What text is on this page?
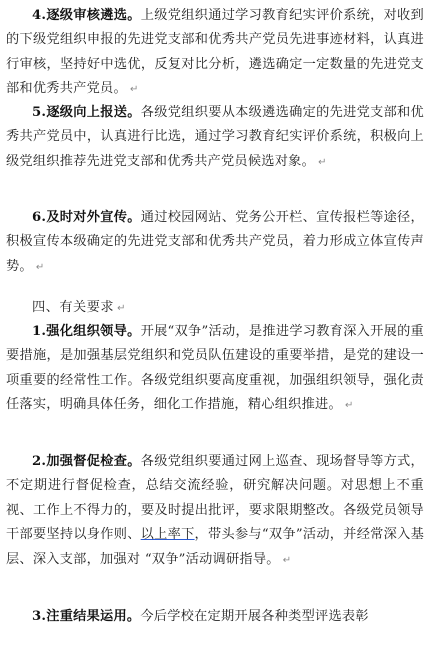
4.逐级审核遴选。上级党组织通过学习教育纪实评价系统，对收到的下级党组织申报的先进党支部和优秀共产党员先进事迹材料，认真进行审核，坚持好中选优，反复对比分析，遴选确定一定数量的先进党支部和优秀共产党员。 ↵
5.逐级向上报送。各级党组织要从本级遴选确定的先进党支部和优秀共产党员中，认真进行比选，通过学习教育纪实评价系统，积极向上级党组织推荐先进党支部和优秀共产党员候选对象。 ↵
6.及时对外宣传。通过校园网站、党务公开栏、宣传报栏等途径，积极宣传本级确定的先进党支部和优秀共产党员，着力形成立体宣传声势。 ↵
四、有关要求 ↵
1.强化组织领导。开展“双争”活动，是推进学习教育深入开展的重要措施，是加强基层党组织和党员队伍建设的重要举措，是党的建设一项重要的经常性工作。各级党组织要高度重视，加强组织领导，强化责任落实，明确具体任务，细化工作措施，精心组织推进。 ↵
2.加强督促检查。各级党组织要通过网上巡查、现场督导等方式，不定期进行督促检查，总结交流经验，研究解决问题。对思想上不重视、工作上不得力的，要及时提出批评，要求限期整改。各级党员领导干部要坚持以身作则、以上率下，带头参与“双争”活动，并经常深入基层、深入支部，加强对 “双争”活动调研指导。 ↵
3.注重结果运用。今后学校在定期开展各种类型评选表彰
